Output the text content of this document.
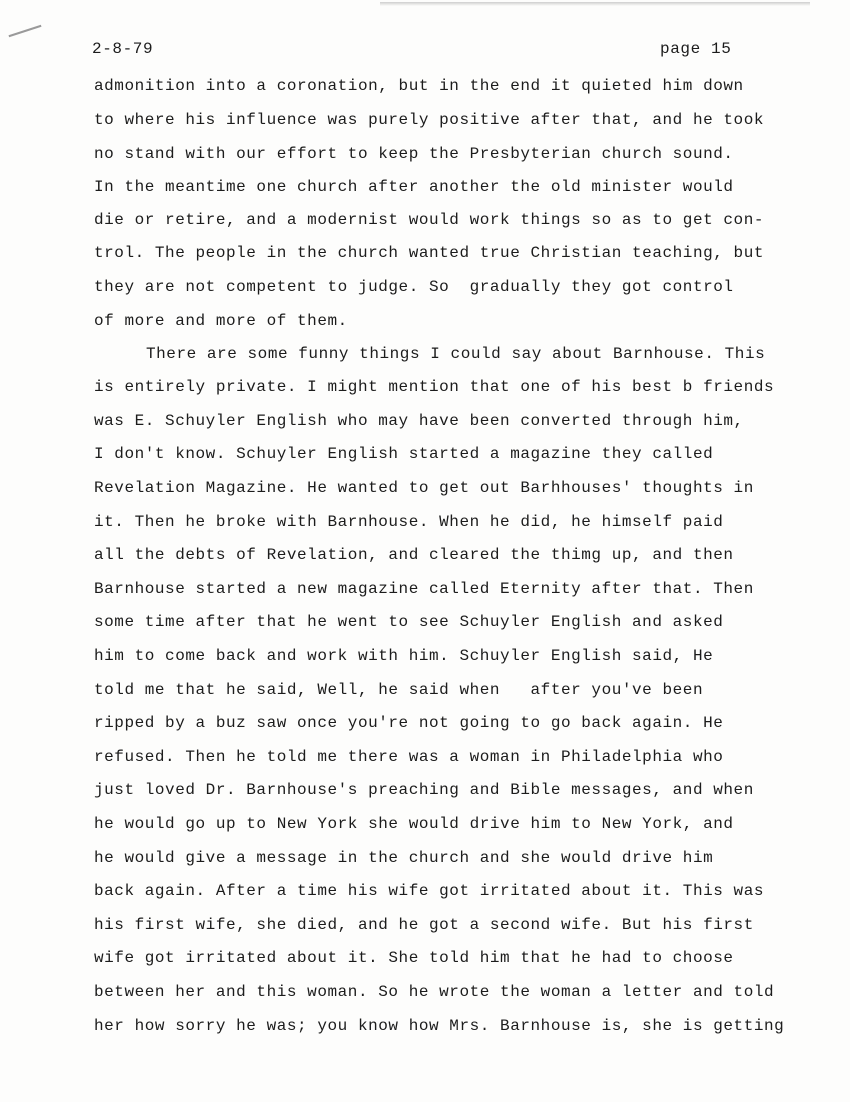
2-8-79	page 15
admonition into a coronation, but in the end it quieted him down
to where his influence was purely positive after that, and he took
no stand with our effort to keep the Presbyterian church sound.
In the meantime one church after another the old minister would
die or retire, and a modernist would work things so as to get con-
trol. The people in the church wanted true Christian teaching, but
they are not competent to judge. So  gradually they got control
of more and more of them.
There are some funny things I could say about Barnhouse. This
is entirely private. I might mention that one of his best b friends
was E. Schuyler English who may have been converted through him,
I don't know. Schuyler English started a magazine they called
Revelation Magazine. He wanted to get out Barhhouses' thoughts in
it. Then he broke with Barnhouse. When he did, he himself paid
all the debts of Revelation, and cleared the thimg up, and then
Barnhouse started a new magazine called Eternity after that. Then
some time after that he went to see Schuyler English and asked
him to come back and work with him. Schuyler English said, He
told me that he said, Well, he said when   after you've been
ripped by a buz saw once you're not going to go back again. He
refused. Then he told me there was a woman in Philadelphia who
just loved Dr. Barnhouse's preaching and Bible messages, and when
he would go up to New York she would drive him to New York, and
he would give a message in the church and she would drive him
back again. After a time his wife got irritated about it. This was
his first wife, she died, and he got a second wife. But his first
wife got irritated about it. She told him that he had to choose
between her and this woman. So he wrote the woman a letter and told
her how sorry he was; you know how Mrs. Barnhouse is, she is getting
